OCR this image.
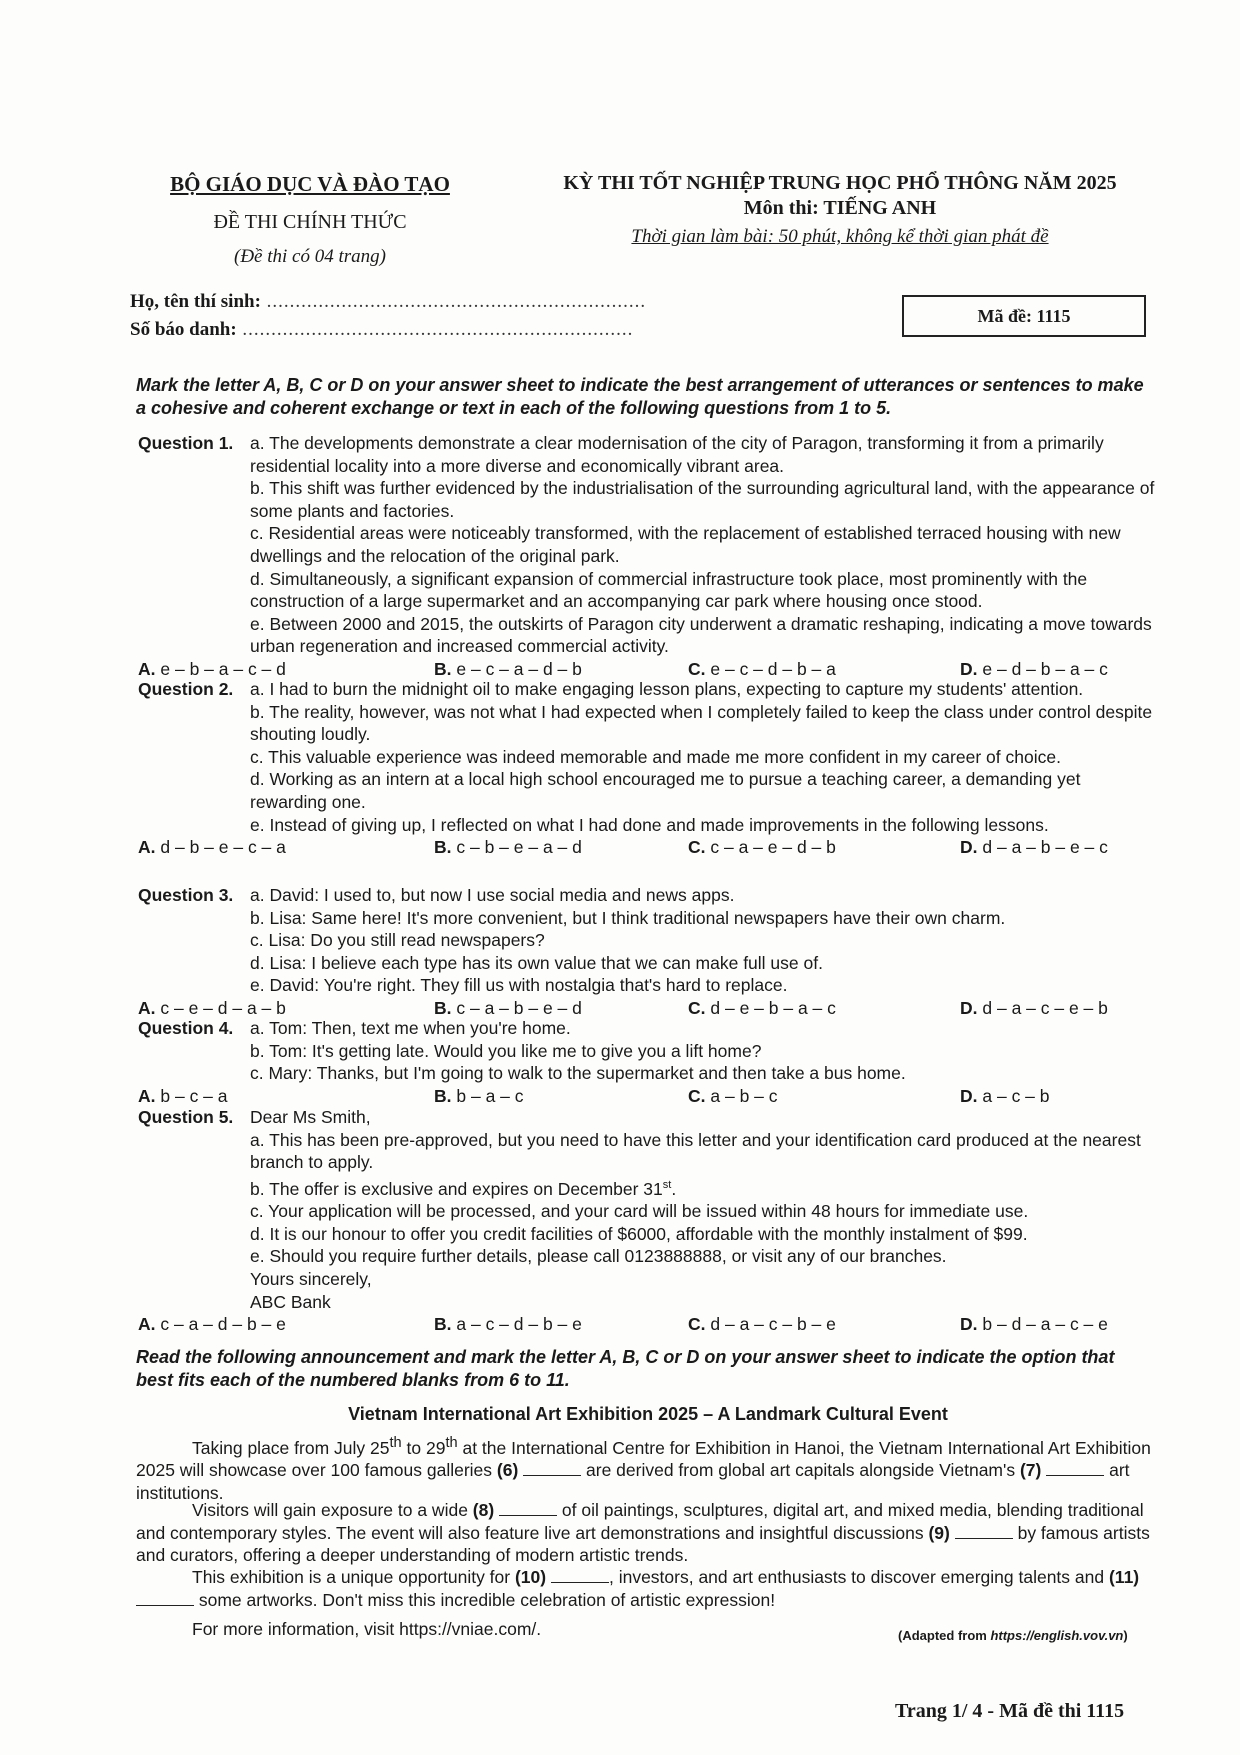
BỘ GIÁO DỤC VÀ ĐÀO TẠO
ĐỀ THI CHÍNH THỨC
(Đề thi có 04 trang)
KỲ THI TỐT NGHIỆP TRUNG HỌC PHỔ THÔNG NĂM 2025
Môn thi: TIẾNG ANH
Thời gian làm bài: 50 phút, không kể thời gian phát đề
Họ, tên thí sinh: ..................................................................
Số báo danh: ....................................................................
Mã đề: 1115
Mark the letter A, B, C or D on your answer sheet to indicate the best arrangement of utterances or sentences to make a cohesive and coherent exchange or text in each of the following questions from 1 to 5.
Question 1. a. The developments demonstrate a clear modernisation of the city of Paragon, transforming it from a primarily residential locality into a more diverse and economically vibrant area.
b. This shift was further evidenced by the industrialisation of the surrounding agricultural land, with the appearance of some plants and factories.
c. Residential areas were noticeably transformed, with the replacement of established terraced housing with new dwellings and the relocation of the original park.
d. Simultaneously, a significant expansion of commercial infrastructure took place, most prominently with the construction of a large supermarket and an accompanying car park where housing once stood.
e. Between 2000 and 2015, the outskirts of Paragon city underwent a dramatic reshaping, indicating a move towards urban regeneration and increased commercial activity.
A. e – b – a – c – d	B. e – c – a – d – b	C. e – c – d – b – a	D. e – d – b – a – c
Question 2. a. I had to burn the midnight oil to make engaging lesson plans, expecting to capture my students' attention.
b. The reality, however, was not what I had expected when I completely failed to keep the class under control despite shouting loudly.
c. This valuable experience was indeed memorable and made me more confident in my career of choice.
d. Working as an intern at a local high school encouraged me to pursue a teaching career, a demanding yet rewarding one.
e. Instead of giving up, I reflected on what I had done and made improvements in the following lessons.
A. d – b – e – c – a	B. c – b – e – a – d	C. c – a – e – d – b	D. d – a – b – e – c
Question 3. a. David: I used to, but now I use social media and news apps.
b. Lisa: Same here! It's more convenient, but I think traditional newspapers have their own charm.
c. Lisa: Do you still read newspapers?
d. Lisa: I believe each type has its own value that we can make full use of.
e. David: You're right. They fill us with nostalgia that's hard to replace.
A. c – e – d – a – b	B. c – a – b – e – d	C. d – e – b – a – c	D. d – a – c – e – b
Question 4. a. Tom: Then, text me when you're home.
b. Tom: It's getting late. Would you like me to give you a lift home?
c. Mary: Thanks, but I'm going to walk to the supermarket and then take a bus home.
A. b – c – a	B. b – a – c	C. a – b – c	D. a – c – b
Question 5. Dear Ms Smith,
a. This has been pre-approved, but you need to have this letter and your identification card produced at the nearest branch to apply.
b. The offer is exclusive and expires on December 31st.
c. Your application will be processed, and your card will be issued within 48 hours for immediate use.
d. It is our honour to offer you credit facilities of $6000, affordable with the monthly instalment of $99.
e. Should you require further details, please call 0123888888, or visit any of our branches.
Yours sincerely,
ABC Bank
A. c – a – d – b – e	B. a – c – d – b – e	C. d – a – c – b – e	D. b – d – a – c – e
Read the following announcement and mark the letter A, B, C or D on your answer sheet to indicate the option that best fits each of the numbered blanks from 6 to 11.
Vietnam International Art Exhibition 2025 – A Landmark Cultural Event
Taking place from July 25th to 29th at the International Centre for Exhibition in Hanoi, the Vietnam International Art Exhibition 2025 will showcase over 100 famous galleries (6)	are derived from global art capitals alongside Vietnam's (7)	art institutions.
Visitors will gain exposure to a wide (8)	of oil paintings, sculptures, digital art, and mixed media, blending traditional and contemporary styles. The event will also feature live art demonstrations and insightful discussions (9)	by famous artists and curators, offering a deeper understanding of modern artistic trends.
This exhibition is a unique opportunity for (10)	, investors, and art enthusiasts to discover emerging talents and (11)  some artworks. Don't miss this incredible celebration of artistic expression!
For more information, visit https://vniae.com/.	(Adapted from https://english.vov.vn)
Trang 1/ 4 - Mã đề thi 1115
